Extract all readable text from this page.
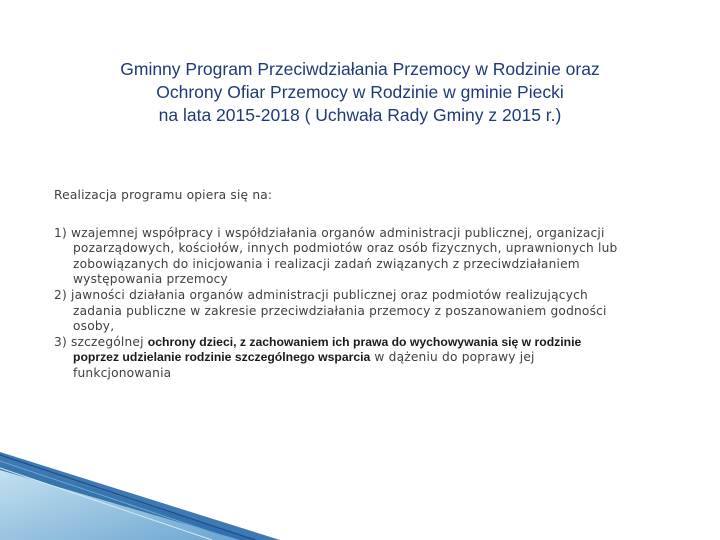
Gminny Program Przeciwdziałania Przemocy w Rodzinie oraz
Ochrony Ofiar Przemocy w Rodzinie w gminie Piecki
na lata 2015-2018 ( Uchwała Rady Gminy z 2015 r.)

Realizacja programu opiera się na:

1) wzajemnej współpracy i współdziałania organów administracji publicznej, organizacji
pozarządowych, kościołów, innych podmiotów oraz osób fizycznych, uprawnionych lub
zobowiązanych do inicjowania i realizacji zadań związanych z przeciwdziałaniem
występowania przemocy
2) jawności działania organów administracji publicznej oraz podmiotów realizujących
zadania publiczne w zakresie przeciwdziałania przemocy z poszanowaniem godności
osoby,
3) szczególnej ochrony dzieci, z zachowaniem ich prawa do wychowywania się w rodzinie
poprzez udzielanie rodzinie szczególnego wsparcia w dążeniu do poprawy jej
funkcjonowania
